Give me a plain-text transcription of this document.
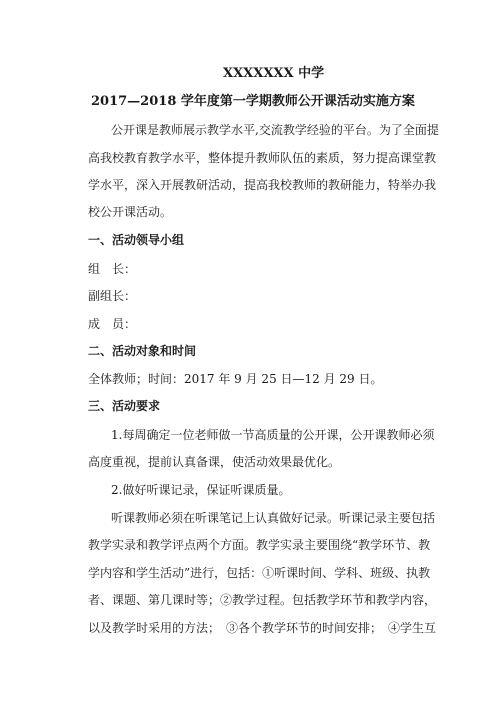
XXXXXXX 中学
2017—2018 学年度第一学期教师公开课活动实施方案
公开课是教师展示教学水平,交流教学经验的平台。为了全面提
高我校教育教学水平，整体提升教师队伍的素质，努力提高课堂教
学水平，深入开展教研活动，提高我校教师的教研能力，特举办我
校公开课活动。
一、活动领导小组
组　长：
副组长：
成　员：
二、活动对象和时间
全体教师；时间：2017 年 9 月 25 日—12 月 29 日。
三、活动要求
1.每周确定一位老师做一节高质量的公开课，公开课教师必须
高度重视，提前认真备课，使活动效果最优化。
2.做好听课记录，保证听课质量。
听课教师必须在听课笔记上认真做好记录。听课记录主要包括
教学实录和教学评点两个方面。教学实录主要围绕“教学环节、教
学内容和学生活动”进行，包括：①听课时间、学科、班级、执教
者、课题、第几课时等；②教学过程。包括教学环节和教学内容，
以及教学时采用的方法；　③各个教学环节的时间安排；　④学生互
